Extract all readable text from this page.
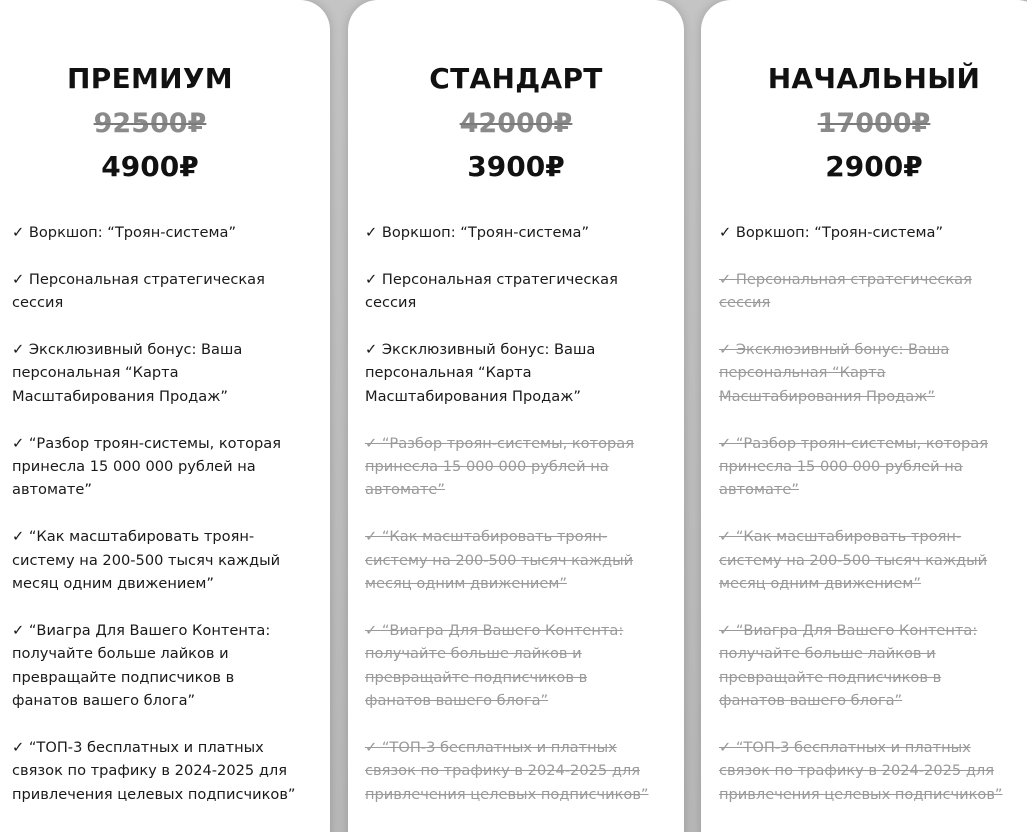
ПРЕМИУМ
92500₽
4900₽
✓ Воркшоп: “Троян-система”
✓ Персональная стратегическая
сессия
✓ Эксклюзивный бонус: Ваша
персональная “Карта
Масштабирования Продаж”
✓ “Разбор троян-системы, которая
принесла 15 000 000 рублей на
автомате”
✓ “Как масштабировать троян-
систему на 200-500 тысяч каждый
месяц одним движением”
✓ “Виагра Для Вашего Контента:
получайте больше лайков и
превращайте подписчиков в
фанатов вашего блога”
✓ “ТОП-3 бесплатных и платных
связок по трафику в 2024-2025 для
привлечения целевых подписчиков”
СТАНДАРТ
42000₽
3900₽
✓ Воркшоп: “Троян-система”
✓ Персональная стратегическая
сессия
✓ Эксклюзивный бонус: Ваша
персональная “Карта
Масштабирования Продаж”
✓ “Разбор троян-системы, которая
принесла 15 000 000 рублей на
автомате”
✓ “Как масштабировать троян-
систему на 200-500 тысяч каждый
месяц одним движением”
✓ “Виагра Для Вашего Контента:
получайте больше лайков и
превращайте подписчиков в
фанатов вашего блога”
✓ “ТОП-3 бесплатных и платных
связок по трафику в 2024-2025 для
привлечения целевых подписчиков”
НАЧАЛЬНЫЙ
17000₽
2900₽
✓ Воркшоп: “Троян-система”
✓ Персональная стратегическая
сессия
✓ Эксклюзивный бонус: Ваша
персональная “Карта
Масштабирования Продаж”
✓ “Разбор троян-системы, которая
принесла 15 000 000 рублей на
автомате”
✓ “Как масштабировать троян-
систему на 200-500 тысяч каждый
месяц одним движением”
✓ “Виагра Для Вашего Контента:
получайте больше лайков и
превращайте подписчиков в
фанатов вашего блога”
✓ “ТОП-3 бесплатных и платных
связок по трафику в 2024-2025 для
привлечения целевых подписчиков”
